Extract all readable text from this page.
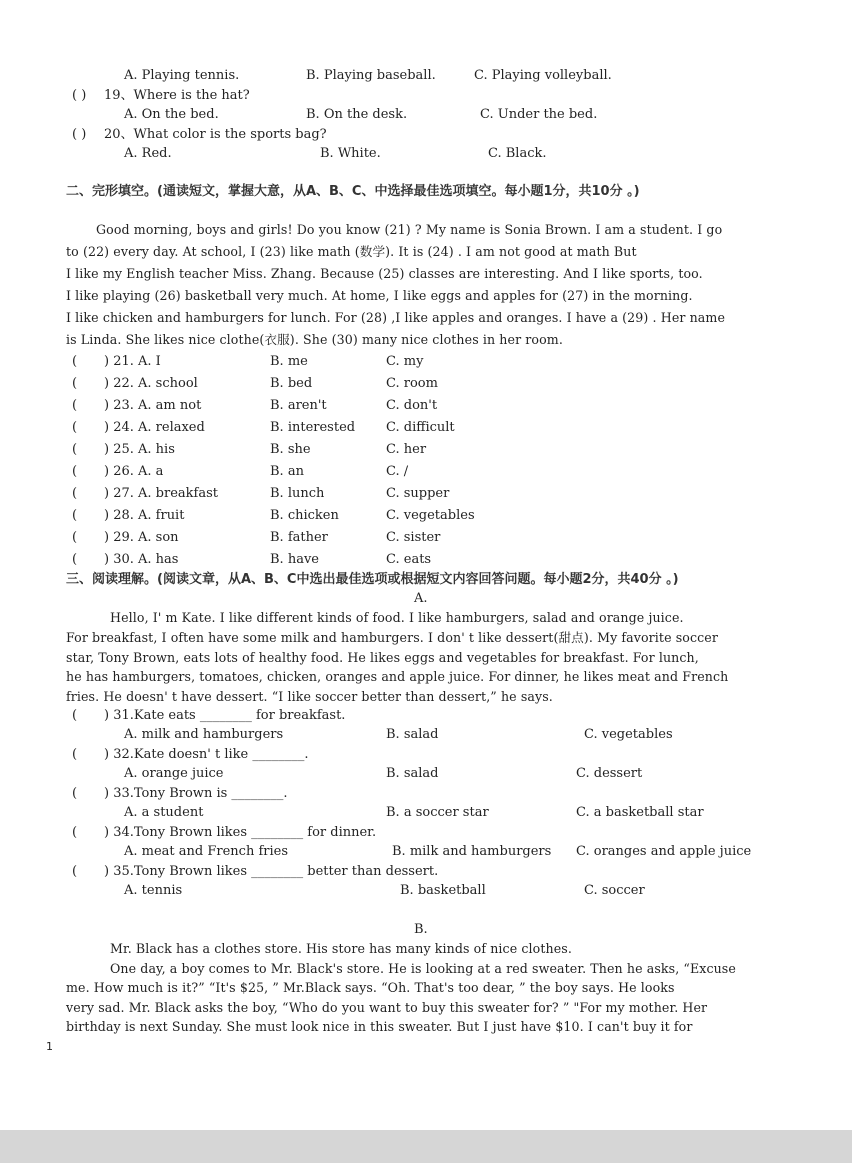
A. Playing tennis.	B. Playing baseball.	C. Playing volleyball.
( ) 19、Where is the hat?
A. On the bed.	B. On the desk.	C. Under the bed.
( ) 20、What color is the sports bag?
A. Red.	B. White.	C. Black.
二、完形填空。(通读短文，掌握大意，从A、B、C、中选择最佳选项填空。每小题1分，共10分 。)
Good morning, boys and girls! Do you know (21) ? My name is Sonia Brown. I am a student. I go
to (22) every day. At school, I (23) like math (数学). It is (24) . I am not good at math But
I like my English teacher Miss. Zhang. Because (25) classes are interesting. And I like sports, too.
I like playing (26) basketball very much. At home, I like eggs and apples for (27) in the morning.
I like chicken and hamburgers for lunch. For (28) ,I like apples and oranges. I have a (29) . Her name
is Linda. She likes nice clothe(衣服). She (30) many nice clothes in her room.
( ) 21. A. I	B. me	C. my
( ) 22. A. school	B. bed	C. room
( ) 23. A. am not	B. aren't	C. don't
( ) 24. A. relaxed	B. interested C. difficult
( ) 25. A. his	B. she	C. her
( ) 26. A. a	B. an	C. /
( ) 27. A. breakfast	B. lunch	C. supper
( ) 28. A. fruit	B. chicken	C. vegetables
( ) 29. A. son	B. father	C. sister
( ) 30. A. has	B. have	C. eats
三、阅读理解。(阅读文章，从A、B、C中选出最佳选项或根据短文内容回答问题。每小题2分，共40分 。)
A.
Hello, I' m Kate. I like different kinds of food. I like hamburgers, salad and orange juice.
For breakfast, I often have some milk and hamburgers. I don' t like dessert(甜点). My favorite soccer
star, Tony Brown, eats lots of healthy food. He likes eggs and vegetables for breakfast. For lunch,
he has hamburgers, tomatoes, chicken, oranges and apple juice. For dinner, he likes meat and French
fries. He doesn' t have dessert. “I like soccer better than dessert,” he says.
( ) 31.Kate eats ________ for breakfast.
A. milk and hamburgers	B. salad	C. vegetables
( ) 32.Kate doesn' t like ________.
A. orange juice	B. salad	C. dessert
( ) 33.Tony Brown is ________.
A. a student	B. a soccer star	C. a basketball star
( ) 34.Tony Brown likes ________ for dinner.
A. meat and French fries	B. milk and hamburgers C. oranges and apple juice
( ) 35.Tony Brown likes ________ better than dessert.
A. tennis	B. basketball	C. soccer
B.
Mr. Black has a clothes store. His store has many kinds of nice clothes.
One day, a boy comes to Mr. Black's store. He is looking at a red sweater. Then he asks, “Excuse
me. How much is it?” “It's $25, ” Mr.Black says. “Oh. That's too dear, ” the boy says. He looks
very sad. Mr. Black asks the boy, “Who do you want to buy this sweater for? ” "For my mother. Her
birthday is next Sunday. She must look nice in this sweater. But I just have $10. I can't buy it for
1
